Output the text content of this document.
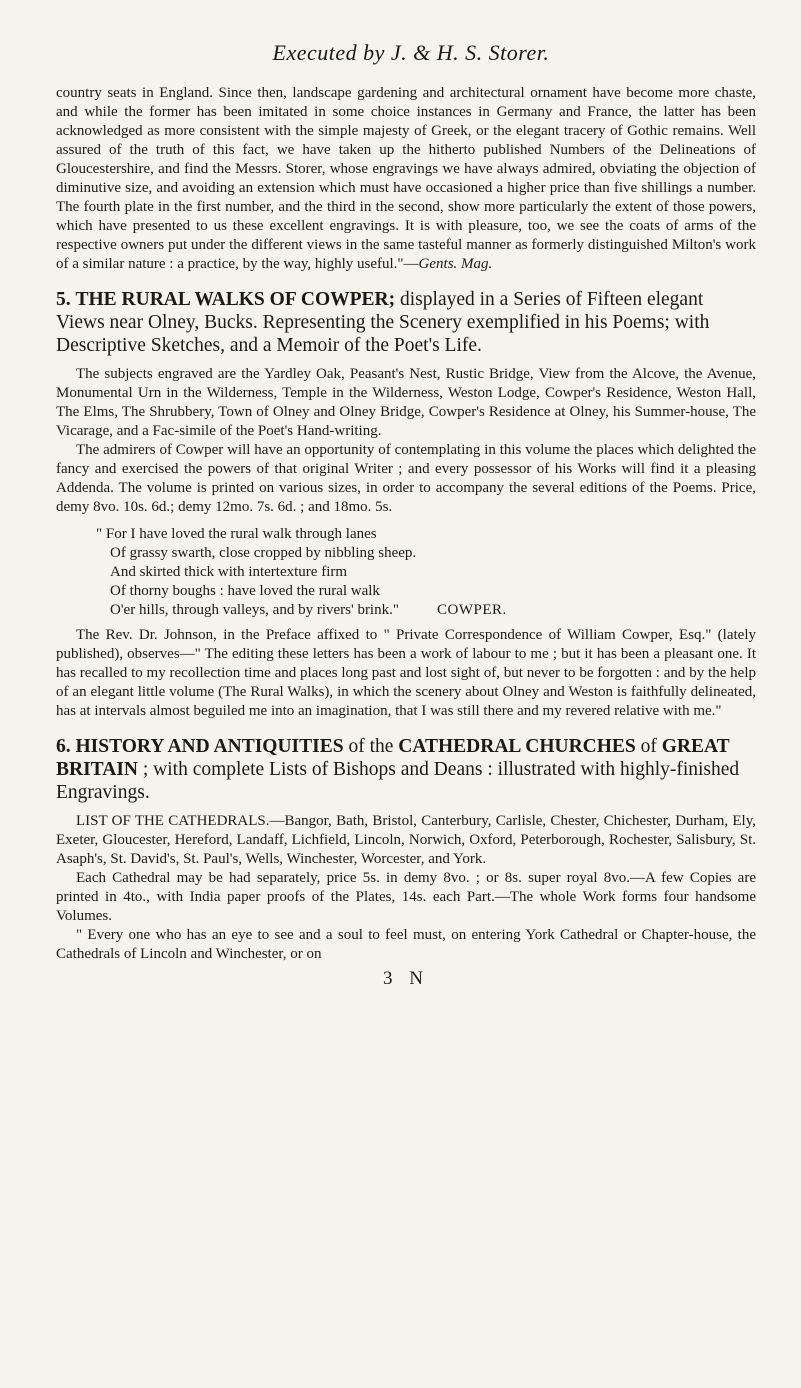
Executed by J. & H. S. Storer.

country seats in England. Since then, landscape gardening and architectural ornament have become more chaste, and while the former has been imitated in some choice instances in Germany and France, the latter has been acknowledged as more consistent with the simple majesty of Greek, or the elegant tracery of Gothic remains. Well assured of the truth of this fact, we have taken up the hitherto published Numbers of the Delineations of Gloucestershire, and find the Messrs. Storer, whose engravings we have always admired, obviating the objection of diminutive size, and avoiding an extension which must have occasioned a higher price than five shillings a number. The fourth plate in the first number, and the third in the second, show more particularly the extent of those powers, which have presented to us these excellent engravings. It is with pleasure, too, we see the coats of arms of the respective owners put under the different views in the same tasteful manner as formerly distinguished Milton's work of a similar nature : a practice, by the way, highly useful."—Gents. Mag.

5. THE RURAL WALKS OF COWPER; displayed in a Series of Fifteen elegant Views near Olney, Bucks. Representing the Scenery exemplified in his Poems; with Descriptive Sketches, and a Memoir of the Poet's Life.

The subjects engraved are the Yardley Oak, Peasant's Nest, Rustic Bridge, View from the Alcove, the Avenue, Monumental Urn in the Wilderness, Temple in the Wilderness, Weston Lodge, Cowper's Residence, Weston Hall, The Elms, The Shrubbery, Town of Olney and Olney Bridge, Cowper's Residence at Olney, his Summer-house, The Vicarage, and a Fac-simile of the Poet's Hand-writing.

The admirers of Cowper will have an opportunity of contemplating in this volume the places which delighted the fancy and exercised the powers of that original Writer ; and every possessor of his Works will find it a pleasing Addenda. The volume is printed on various sizes, in order to accompany the several editions of the Poems. Price, demy 8vo. 10s. 6d.; demy 12mo. 7s. 6d. ; and 18mo. 5s.

" For I have loved the rural walk through lanes
Of grassy swarth, close cropped by nibbling sheep.
And skirted thick with intertexture firm
Of thorny boughs : have loved the rural walk
O'er hills, through valleys, and by rivers' brink."	COWPER.

The Rev. Dr. Johnson, in the Preface affixed to " Private Correspondence of William Cowper, Esq." (lately published), observes—" The editing these letters has been a work of labour to me ; but it has been a pleasant one. It has recalled to my recollection time and places long past and lost sight of, but never to be forgotten : and by the help of an elegant little volume (The Rural Walks), in which the scenery about Olney and Weston is faithfully delineated, has at intervals almost beguiled me into an imagination, that I was still there and my revered relative with me."

6. HISTORY AND ANTIQUITIES of the CATHEDRAL CHURCHES of GREAT BRITAIN ; with complete Lists of Bishops and Deans : illustrated with highly-finished Engravings.

LIST OF THE CATHEDRALS.—Bangor, Bath, Bristol, Canterbury, Carlisle, Chester, Chichester, Durham, Ely, Exeter, Gloucester, Hereford, Landaff, Lichfield, Lincoln, Norwich, Oxford, Peterborough, Rochester, Salisbury, St. Asaph's, St. David's, St. Paul's, Wells, Winchester, Worcester, and York.

Each Cathedral may be had separately, price 5s. in demy 8vo. ; or 8s. super royal 8vo.—A few Copies are printed in 4to., with India paper proofs of the Plates, 14s. each Part.—The whole Work forms four handsome Volumes.

" Every one who has an eye to see and a soul to feel must, on entering York Cathedral or Chapter-house, the Cathedrals of Lincoln and Winchester, or on

3 N
